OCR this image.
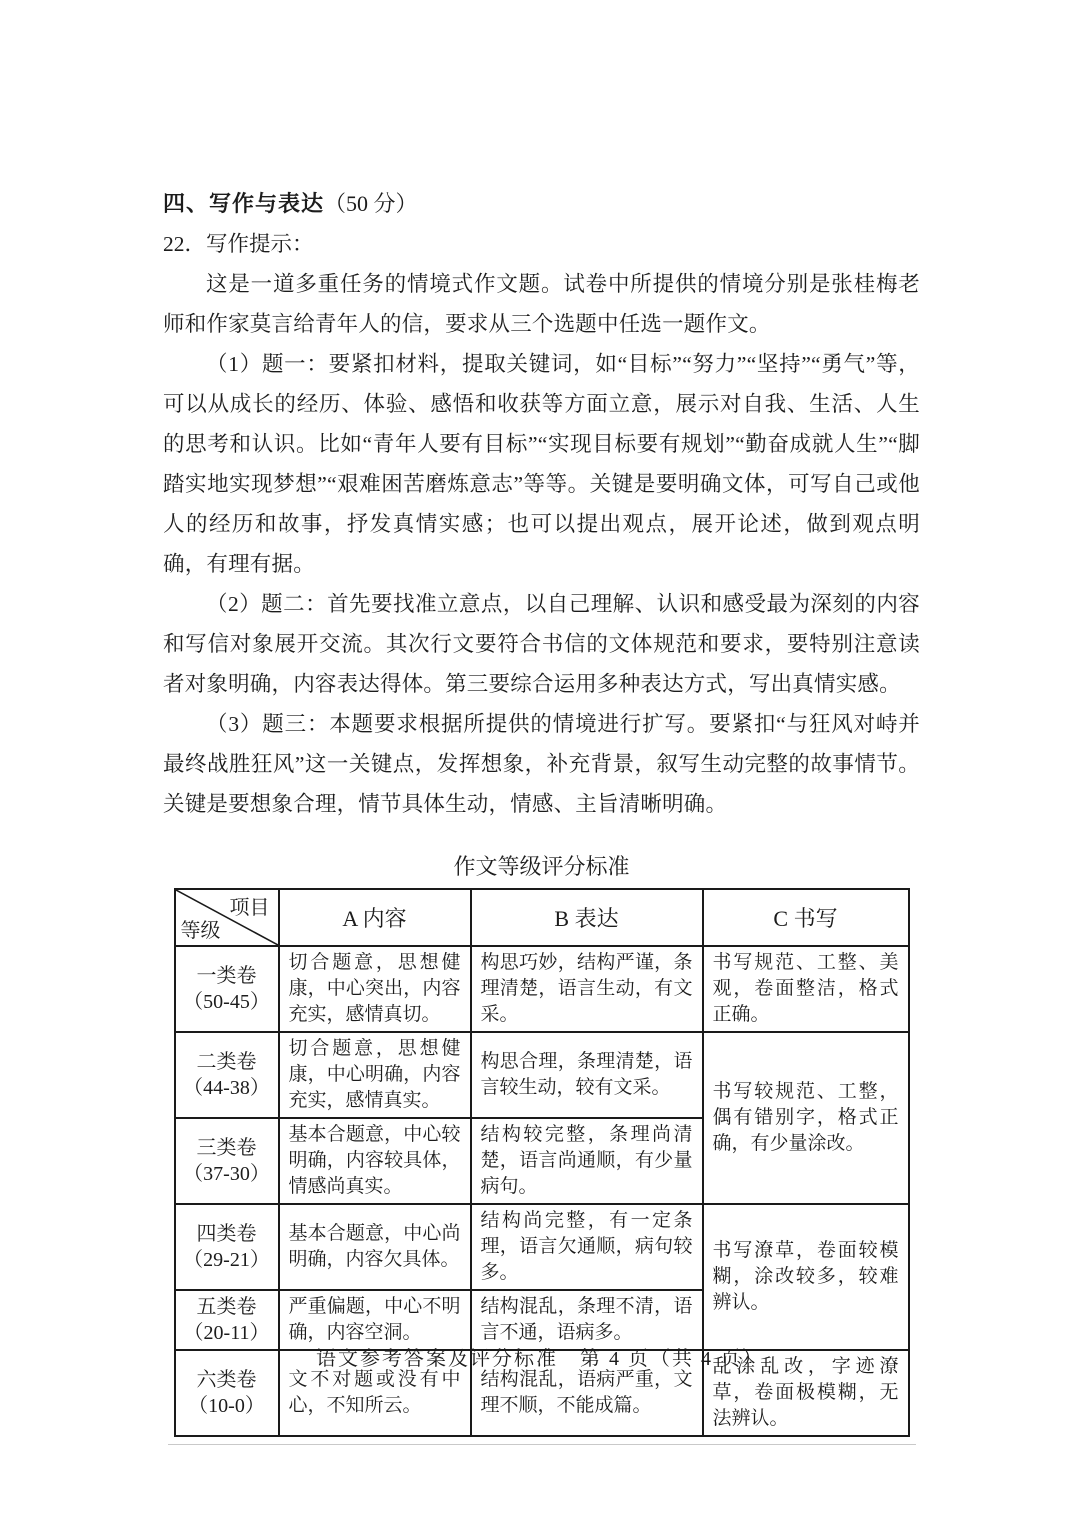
四、写作与表达（50 分）
22．写作提示：

这是一道多重任务的情境式作文题。试卷中所提供的情境分别是张桂梅老师和作家莫言给青年人的信，要求从三个选题中任选一题作文。

（1）题一：要紧扣材料，提取关键词，如“目标”“努力”“坚持”“勇气”等，可以从成长的经历、体验、感悟和收获等方面立意，展示对自我、生活、人生的思考和认识。比如“青年人要有目标”“实现目标要有规划”“勤奋成就人生”“脚踏实地实现梦想”“艰难困苦磨炼意志”等等。关键是要明确文体，可写自己或他人的经历和故事，抒发真情实感；也可以提出观点，展开论述，做到观点明确，有理有据。

（2）题二：首先要找准立意点，以自己理解、认识和感受最为深刻的内容和写信对象展开交流。其次行文要符合书信的文体规范和要求，要特别注意读者对象明确，内容表达得体。第三要综合运用多种表达方式，写出真情实感。

（3）题三：本题要求根据所提供的情境进行扩写。要紧扣“与狂风对峙并最终战胜狂风”这一关键点，发挥想象，补充背景，叙写生动完整的故事情节。关键是要想象合理，情节具体生动，情感、主旨清晰明确。

作文等级评分标准
项目
等级	A 内容	B 表达	C 书写

一类卷
（50-45）	切合题意，思想健康，中心突出，内容充实，感情真切。	构思巧妙，结构严谨，条理清楚，语言生动，有文采。	书写规范、工整、美观，卷面整洁，格式正确。

二类卷
（44-38）	切合题意，思想健康，中心明确，内容充实，感情真实。	构思合理，条理清楚，语言较生动，较有文采。	书写较规范、工整，偶有错别字，格式正确，有少量涂改。

三类卷
（37-30）	基本合题意，中心较明确，内容较具体，情感尚真实。	结构较完整，条理尚清楚，语言尚通顺，有少量病句。	

四类卷
（29-21）	基本合题意，中心尚明确，内容欠具体。	结构尚完整，有一定条理，语言欠通顺，病句较多。	书写潦草，卷面较模糊，涂改较多，较难辨认。

五类卷
（20-11）	严重偏题，中心不明确，内容空洞。	结构混乱，条理不清，语言不通，语病多。	

六类卷
（10-0）	文不对题或没有中心，不知所云。	结构混乱，语病严重，文理不顺，不能成篇。	乱涂乱改，字迹潦草，卷面极模糊，无法辨认。
语文参考答案及评分标准　第 4 页（共 4 页）
